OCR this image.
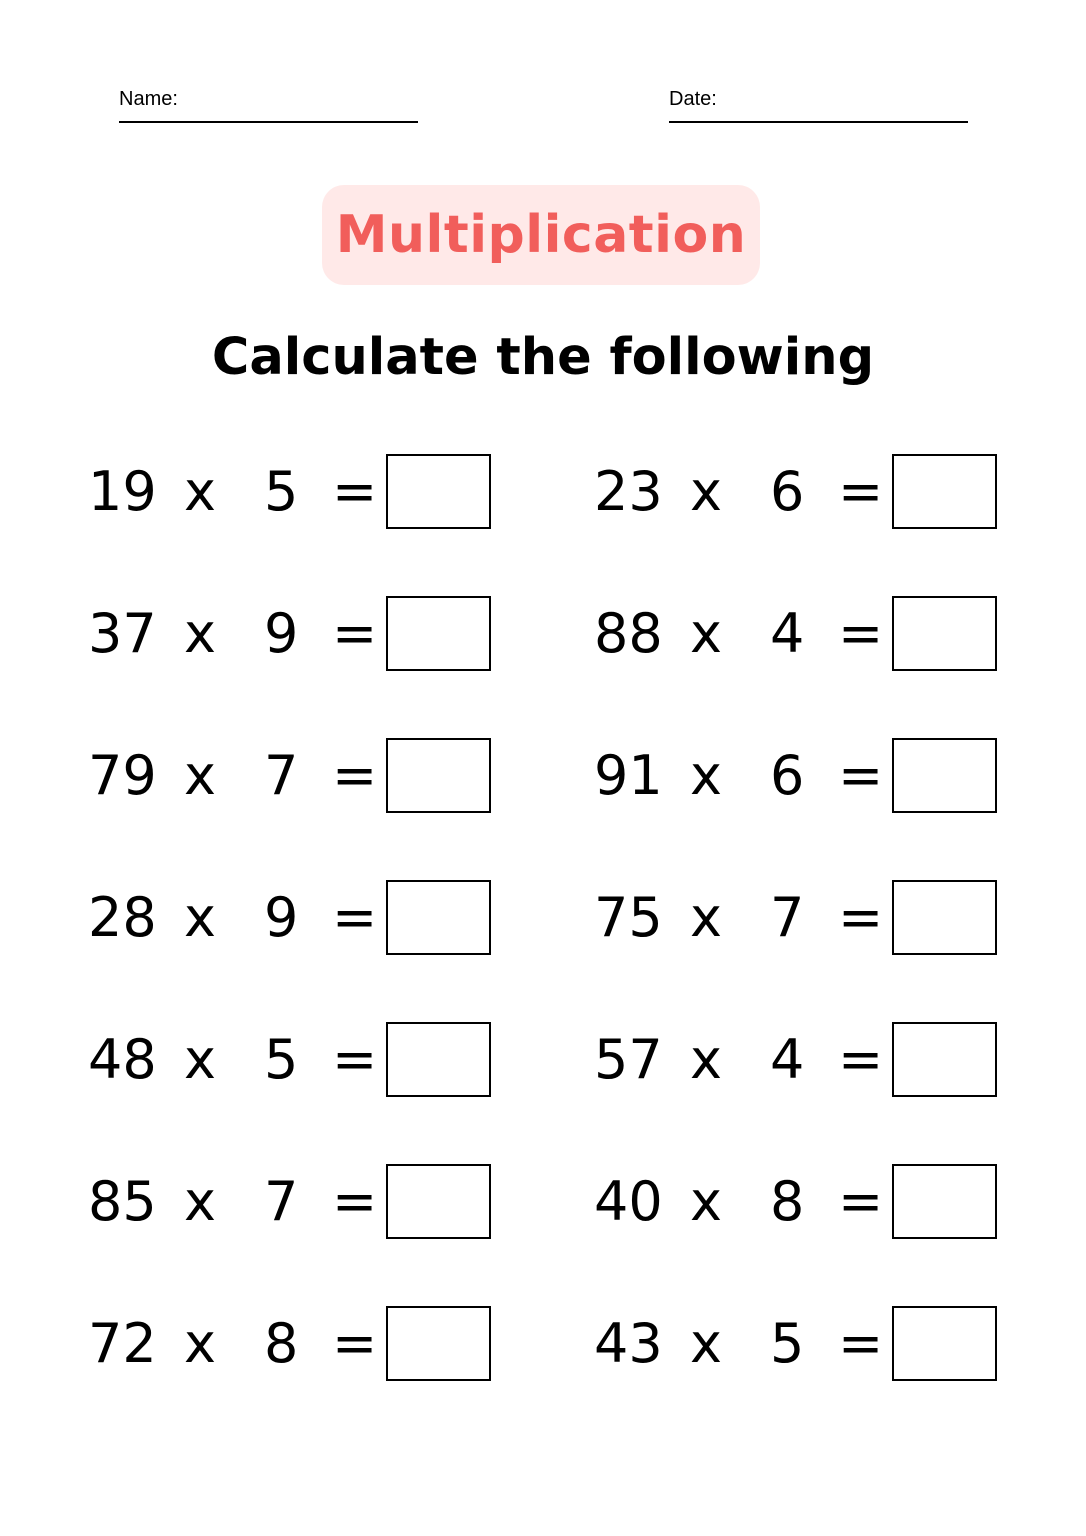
Name:	Date:
Multiplication
Calculate the following
19 x 5 =
37 x 9 =
79 x 7 =
28 x 9 =
48 x 5 =
85 x 7 =
72 x 8 =
23 x 6 =
88 x 4 =
91 x 6 =
75 x 7 =
57 x 4 =
40 x 8 =
43 x 5 =
